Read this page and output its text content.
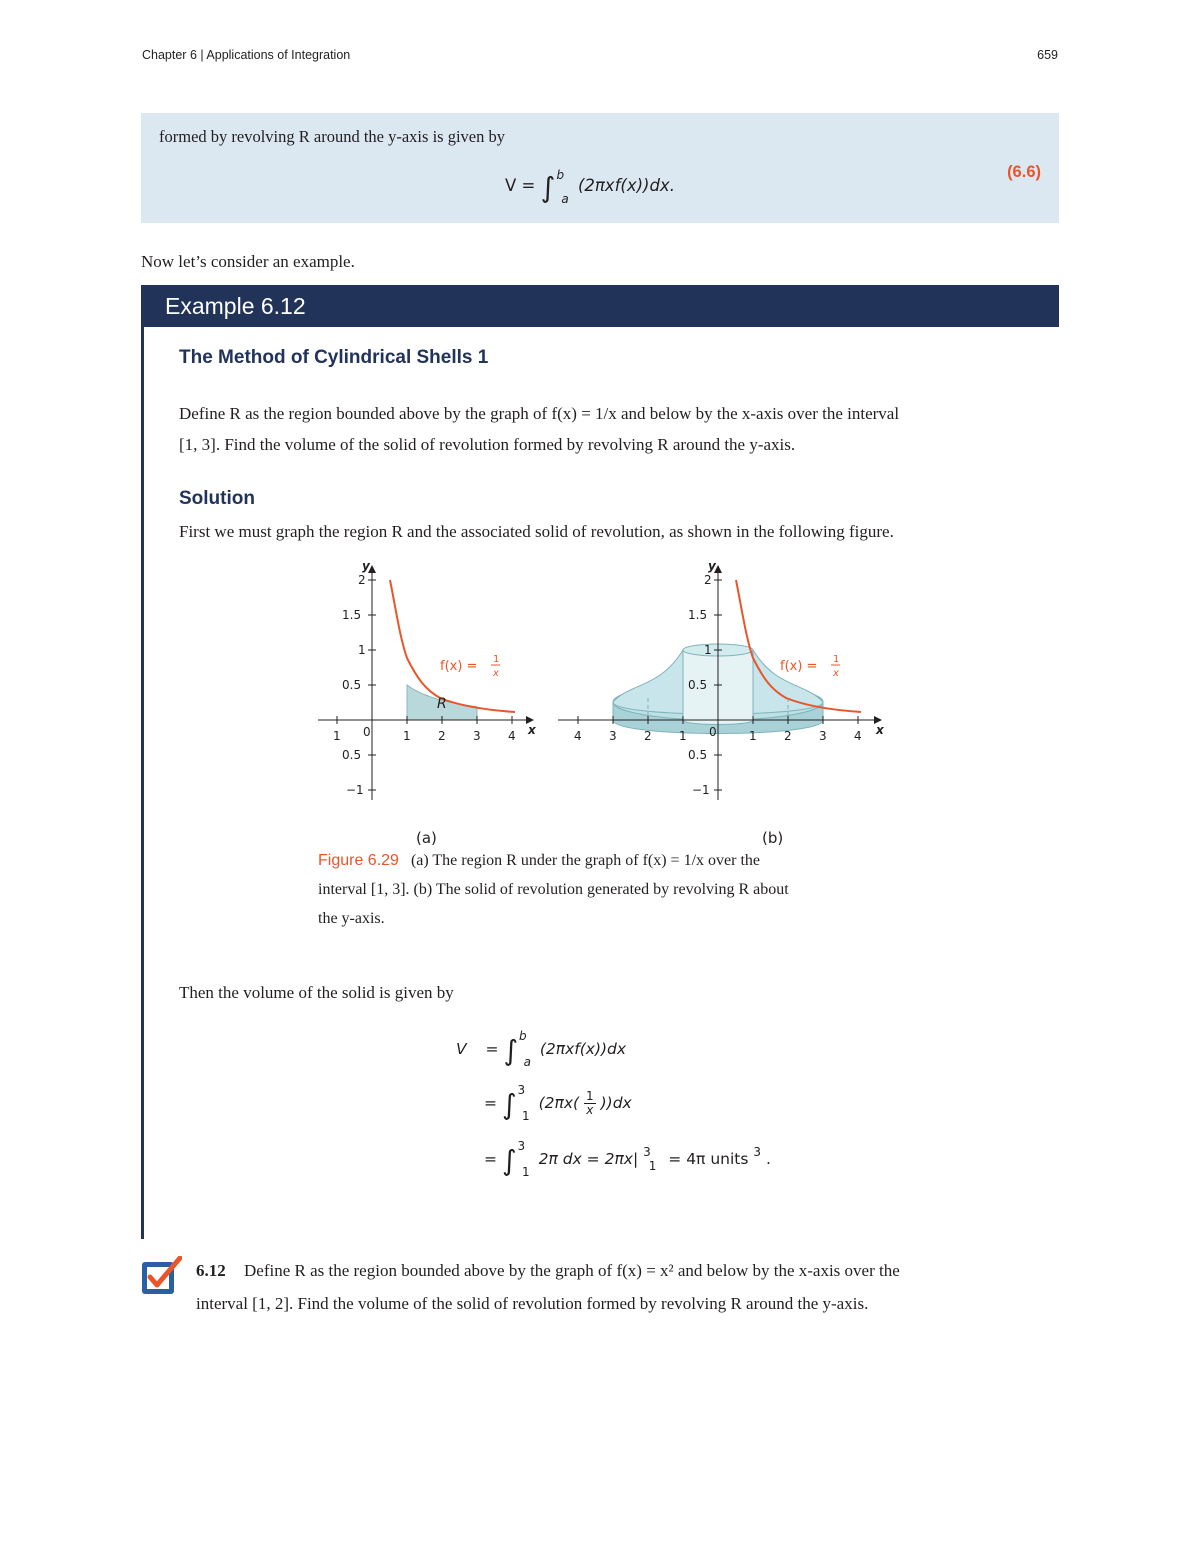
Chapter 6 | Applications of Integration	659
formed by revolving R around the y-axis is given by
V = ∫ $^b$ $_a$ (2πxf(x))dx.
(6.6)
Now let’s consider an example.
Example 6.12
The Method of Cylindrical Shells 1
Define R as the region bounded above by the graph of f(x) = 1/x and below by the x-axis over the interval
[1, 3]. Find the volume of the solid of revolution formed by revolving R around the y-axis.
Solution
First we must graph the region R and the associated solid of revolution, as shown in the following figure.
1 0	1 2 3 4
2
1.5
1
0.5
0.5
−1
x
y
R
f(x) = 1
x
(a)
4 3 2 1 0	1 2 3 4
2
1.5
1
0.5
0.5
−1
x
y
f(x) = 1
x
(b)
Figure 6.29 (a) The region R under the graph of f(x) = 1/x over the
interval [1, 3]. (b) The solid of revolution generated by revolving R about
the y-axis.
Then the volume of the solid is given by
V = ∫ $^b$ $_a$ (2πxf(x))dx
= ∫ $^3$ $_1$ $(2\pi x( \frac{1}{x} ))dx$
= ∫ $^3$ $_1$ 2π dx = 2πx| $^3$ $_1$ = 4π units $^3$ .
6.12 Define R as the region bounded above by the graph of f(x) = x² and below by the x-axis over the
interval [1, 2]. Find the volume of the solid of revolution formed by revolving R around the y-axis.
